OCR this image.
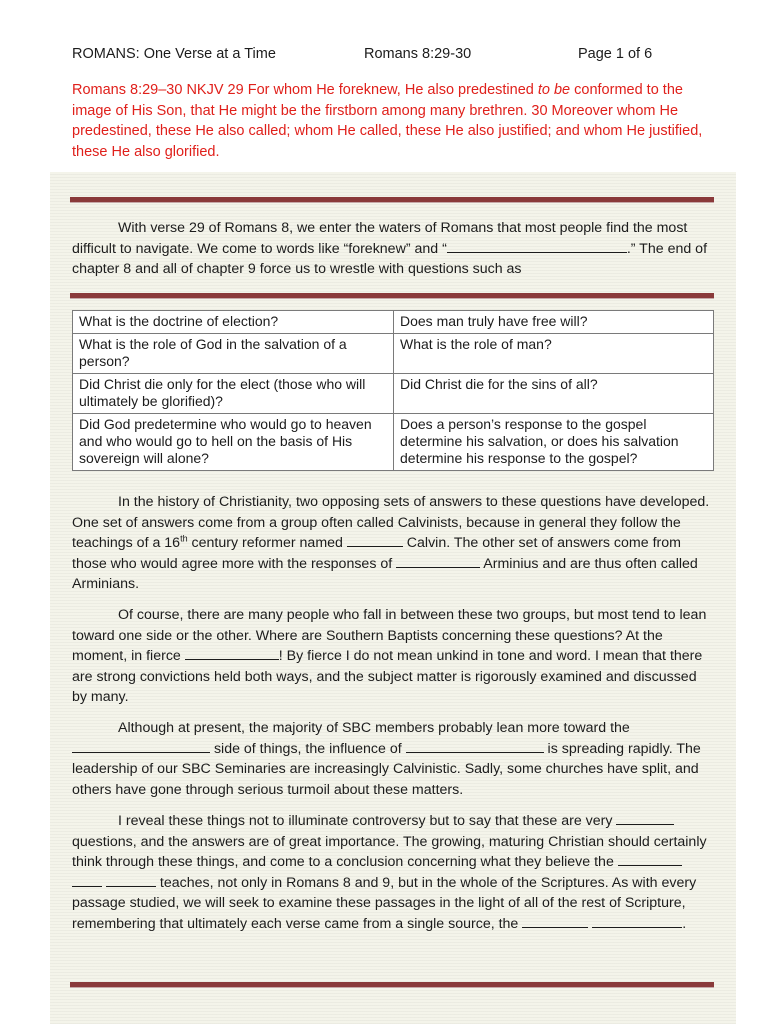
ROMANS: One Verse at a Time	Romans 8:29-30	Page 1 of 6
Romans 8:29–30 NKJV 29 For whom He foreknew, He also predestined to be conformed to the image of His Son, that He might be the firstborn among many brethren. 30 Moreover whom He predestined, these He also called; whom He called, these He also justified; and whom He justified, these He also glorified.
With verse 29 of Romans 8, we enter the waters of Romans that most people find the most difficult to navigate. We come to words like “foreknew” and “	.” The end of chapter 8 and all of chapter 9 force us to wrestle with questions such as
What is the doctrine of election?	Does man truly have free will?
What is the role of God in the salvation of a person?	What is the role of man?
Did Christ die only for the elect (those who will ultimately be glorified)?	Did Christ die for the sins of all?
Did God predetermine who would go to heaven and who would go to hell on the basis of His sovereign will alone?	Does a person’s response to the gospel determine his salvation, or does his salvation determine his response to the gospel?
In the history of Christianity, two opposing sets of answers to these questions have developed. One set of answers come from a group often called Calvinists, because in general they follow the teachings of a 16th century reformer named	Calvin. The other set of answers come from those who would agree more with the responses of	Arminius and are thus often called Arminians.
Of course, there are many people who fall in between these two groups, but most tend to lean toward one side or the other. Where are Southern Baptists concerning these questions? At the moment, in fierce	! By fierce I do not mean unkind in tone and word. I mean that there are strong convictions held both ways, and the subject matter is rigorously examined and discussed by many.
Although at present, the majority of SBC members probably lean more toward the  side of things, the influence of	is spreading rapidly. The leadership of our SBC Seminaries are increasingly Calvinistic. Sadly, some churches have split, and others have gone through serious turmoil about these matters.
I reveal these things not to illuminate controversy but to say that these are very  questions, and the answers are of great importance. The growing, maturing Christian should certainly think through these things, and come to a conclusion concerning what they believe the    teaches, not only in Romans 8 and 9, but in the whole of the Scriptures. As with every passage studied, we will seek to examine these passages in the light of all of the rest of Scripture, remembering that ultimately each verse came from a single source, the	.
